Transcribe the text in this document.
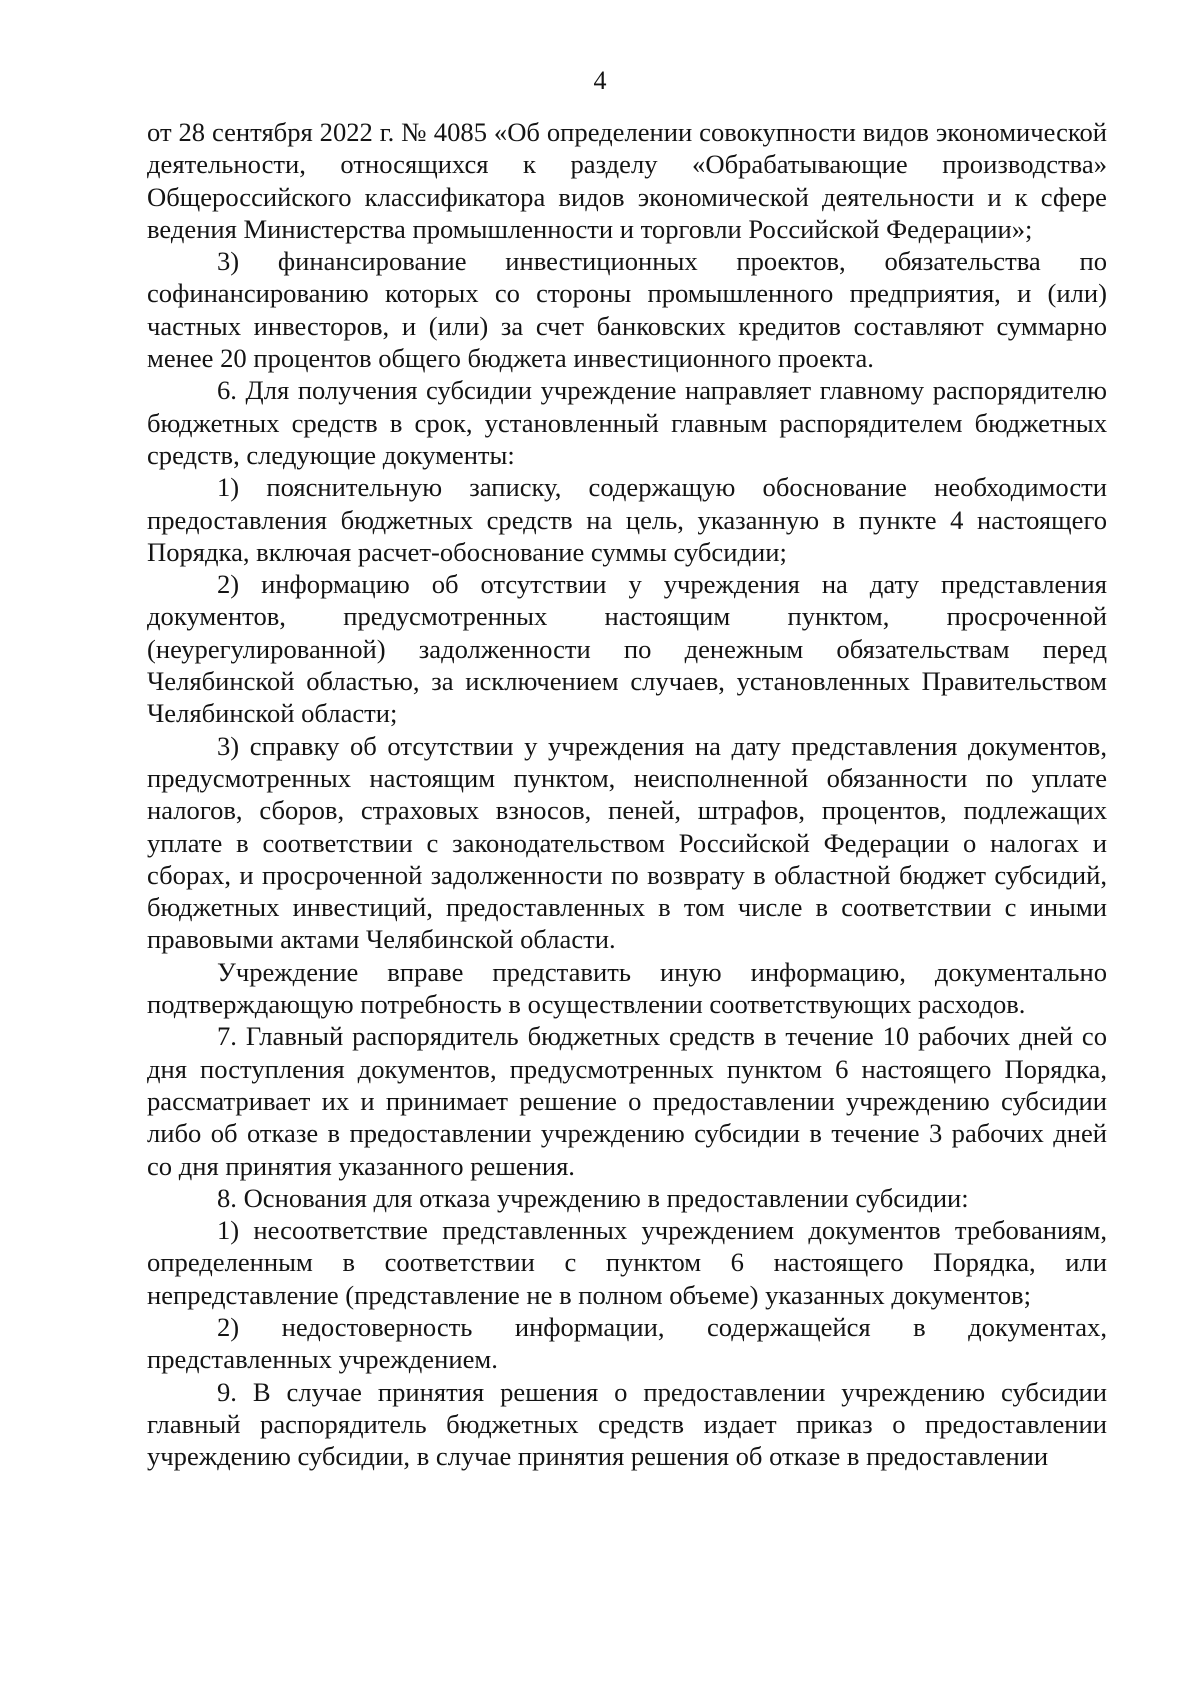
4

от 28 сентября 2022 г. № 4085 «Об определении совокупности видов экономической деятельности, относящихся к разделу «Обрабатывающие производства» Общероссийского классификатора видов экономической деятельности и к сфере ведения Министерства промышленности и торговли Российской Федерации»;

3) финансирование инвестиционных проектов, обязательства по софинансированию которых со стороны промышленного предприятия, и (или) частных инвесторов, и (или) за счет банковских кредитов составляют суммарно менее 20 процентов общего бюджета инвестиционного проекта.

6. Для получения субсидии учреждение направляет главному распорядителю бюджетных средств в срок, установленный главным распорядителем бюджетных средств, следующие документы:

1) пояснительную записку, содержащую обоснование необходимости предоставления бюджетных средств на цель, указанную в пункте 4 настоящего Порядка, включая расчет-обоснование суммы субсидии;

2) информацию об отсутствии у учреждения на дату представления документов, предусмотренных настоящим пунктом, просроченной (неурегулированной) задолженности по денежным обязательствам перед Челябинской областью, за исключением случаев, установленных Правительством Челябинской области;

3) справку об отсутствии у учреждения на дату представления документов, предусмотренных настоящим пунктом, неисполненной обязанности по уплате налогов, сборов, страховых взносов, пеней, штрафов, процентов, подлежащих уплате в соответствии с законодательством Российской Федерации о налогах и сборах, и просроченной задолженности по возврату в областной бюджет субсидий, бюджетных инвестиций, предоставленных в том числе в соответствии с иными правовыми актами Челябинской области.

Учреждение вправе представить иную информацию, документально подтверждающую потребность в осуществлении соответствующих расходов.

7. Главный распорядитель бюджетных средств в течение 10 рабочих дней со дня поступления документов, предусмотренных пунктом 6 настоящего Порядка, рассматривает их и принимает решение о предоставлении учреждению субсидии либо об отказе в предоставлении учреждению субсидии в течение 3 рабочих дней со дня принятия указанного решения.

8. Основания для отказа учреждению в предоставлении субсидии:

1) несоответствие представленных учреждением документов требованиям, определенным в соответствии с пунктом 6 настоящего Порядка, или непредставление (представление не в полном объеме) указанных документов;

2) недостоверность информации, содержащейся в документах, представленных учреждением.

9. В случае принятия решения о предоставлении учреждению субсидии главный распорядитель бюджетных средств издает приказ о предоставлении учреждению субсидии, в случае принятия решения об отказе в предоставлении
